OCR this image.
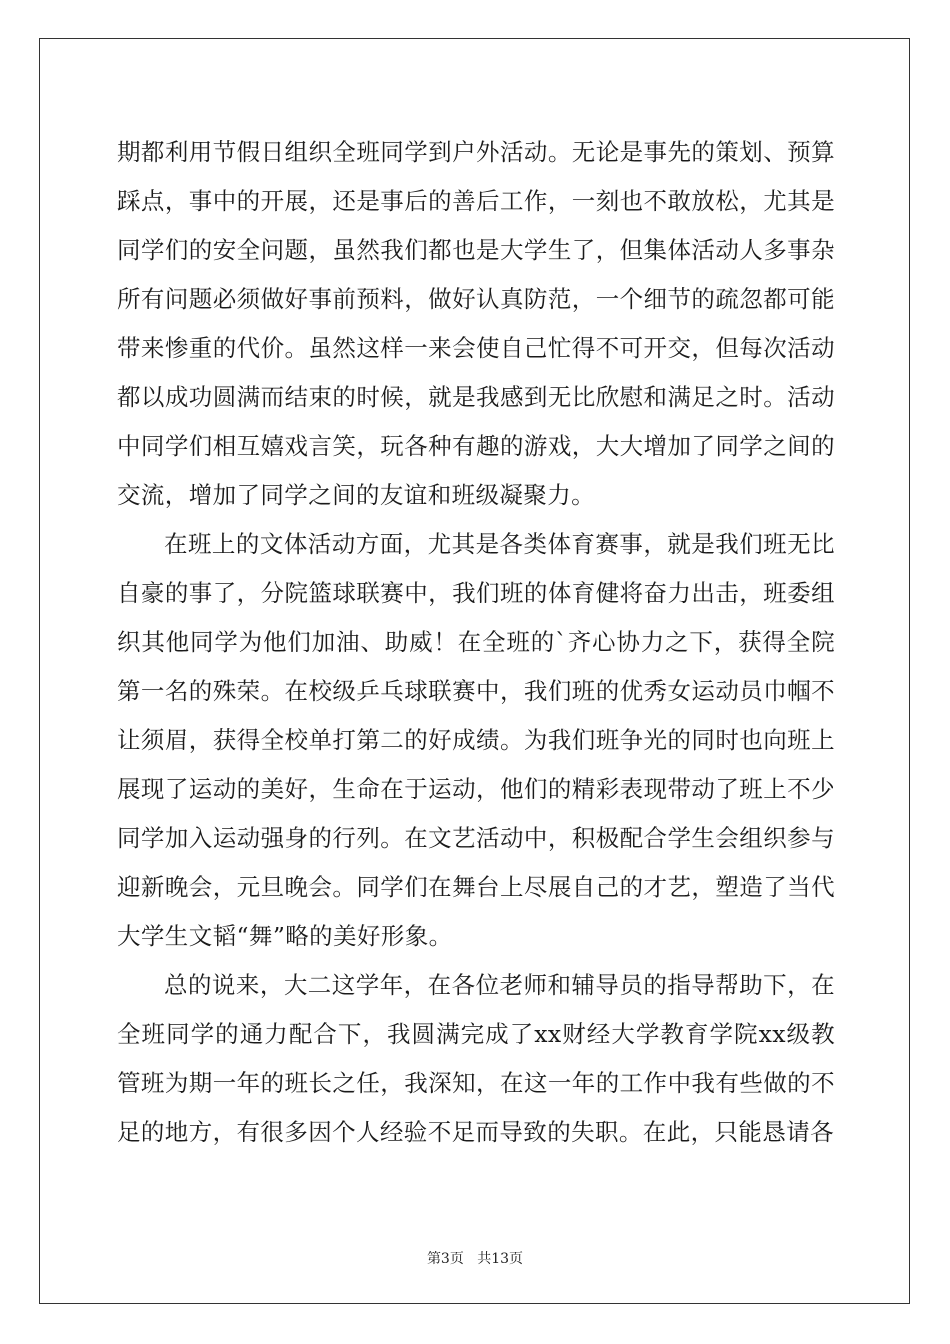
期都利用节假日组织全班同学到户外活动。无论是事先的策划、预算踩点，事中的开展，还是事后的善后工作，一刻也不敢放松，尤其是同学们的安全问题，虽然我们都也是大学生了，但集体活动人多事杂所有问题必须做好事前预料，做好认真防范，一个细节的疏忽都可能带来惨重的代价。虽然这样一来会使自己忙得不可开交，但每次活动都以成功圆满而结束的时候，就是我感到无比欣慰和满足之时。活动中同学们相互嬉戏言笑，玩各种有趣的游戏，大大增加了同学之间的交流，增加了同学之间的友谊和班级凝聚力。

在班上的文体活动方面，尤其是各类体育赛事，就是我们班无比自豪的事了，分院篮球联赛中，我们班的体育健将奋力出击，班委组织其他同学为他们加油、助威！在全班的`齐心协力之下，获得全院第一名的殊荣。在校级乒乓球联赛中，我们班的优秀女运动员巾帼不让须眉，获得全校单打第二的好成绩。为我们班争光的同时也向班上展现了运动的美好，生命在于运动，他们的精彩表现带动了班上不少同学加入运动强身的行列。在文艺活动中，积极配合学生会组织参与迎新晚会，元旦晚会。同学们在舞台上尽展自己的才艺，塑造了当代大学生文韬“舞”略的美好形象。

总的说来，大二这学年，在各位老师和辅导员的指导帮助下，在全班同学的通力配合下，我圆满完成了xx财经大学教育学院xx级教管班为期一年的班长之任，我深知，在这一年的工作中我有些做的不足的地方，有很多因个人经验不足而导致的失职。在此，只能恳请各

第3页 共13页
